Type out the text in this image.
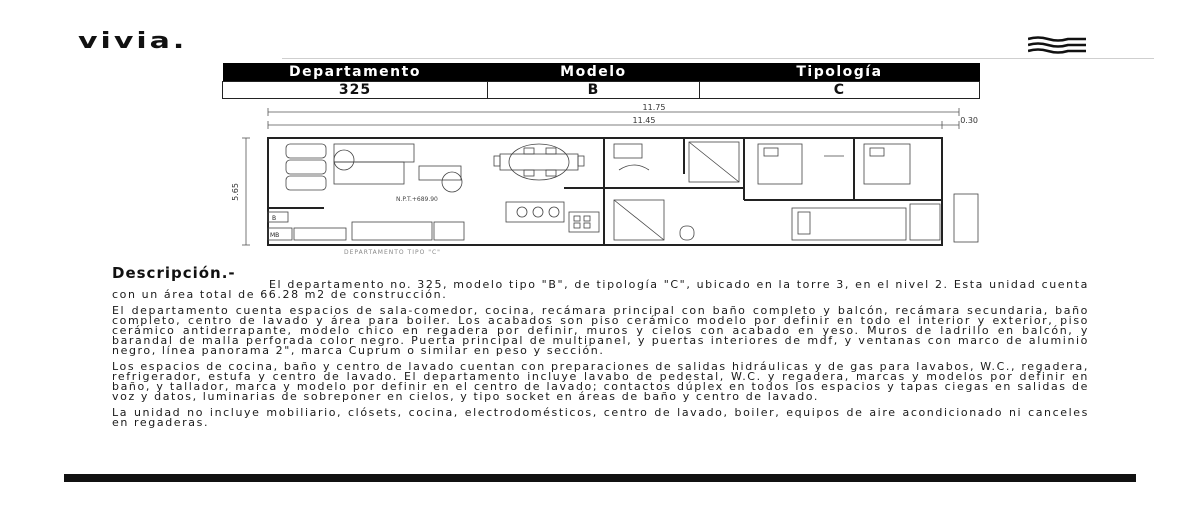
vivia.
Departamento	Modelo	Tipología
325	B	C
11.75
11.45	0.30
5.65	N.P.T.+689.90
DEPARTAMENTO TIPO "C"
B
MB
Descripción.-

El departamento no. 325, modelo tipo "B", de tipología "C", ubicado en la torre 3, en el nivel 2. Esta unidad cuenta con un área total de 66.28 m2 de construcción.

El departamento cuenta espacios de sala-comedor, cocina, recámara principal con baño completo y balcón, recámara secundaria, baño completo, centro de lavado y área para boiler. Los acabados son piso cerámico modelo por definir en todo el interior y exterior, piso cerámico antiderrapante, modelo chico en regadera por definir, muros y cielos con acabado en yeso. Muros de ladrillo en balcón, y barandal de malla perforada color negro. Puerta principal de multipanel, y puertas interiores de mdf, y ventanas con marco de aluminio negro, línea panorama 2", marca Cuprum o similar en peso y sección.

Los espacios de cocina, baño y centro de lavado cuentan con preparaciones de salidas hidráulicas y de gas para lavabos, W.C., regadera, refrigerador, estufa y centro de lavado. El departamento incluye lavabo de pedestal, W.C. y regadera, marcas y modelos por definir en baño, y tallador, marca y modelo por definir en el centro de lavado; contactos dúplex en todos los espacios y tapas ciegas en salidas de voz y datos, luminarias de sobreponer en cielos, y tipo socket en áreas de baño y centro de lavado.

La unidad no incluye mobiliario, clósets, cocina, electrodomésticos, centro de lavado, boiler, equipos de aire acondicionado ni canceles en regaderas.
